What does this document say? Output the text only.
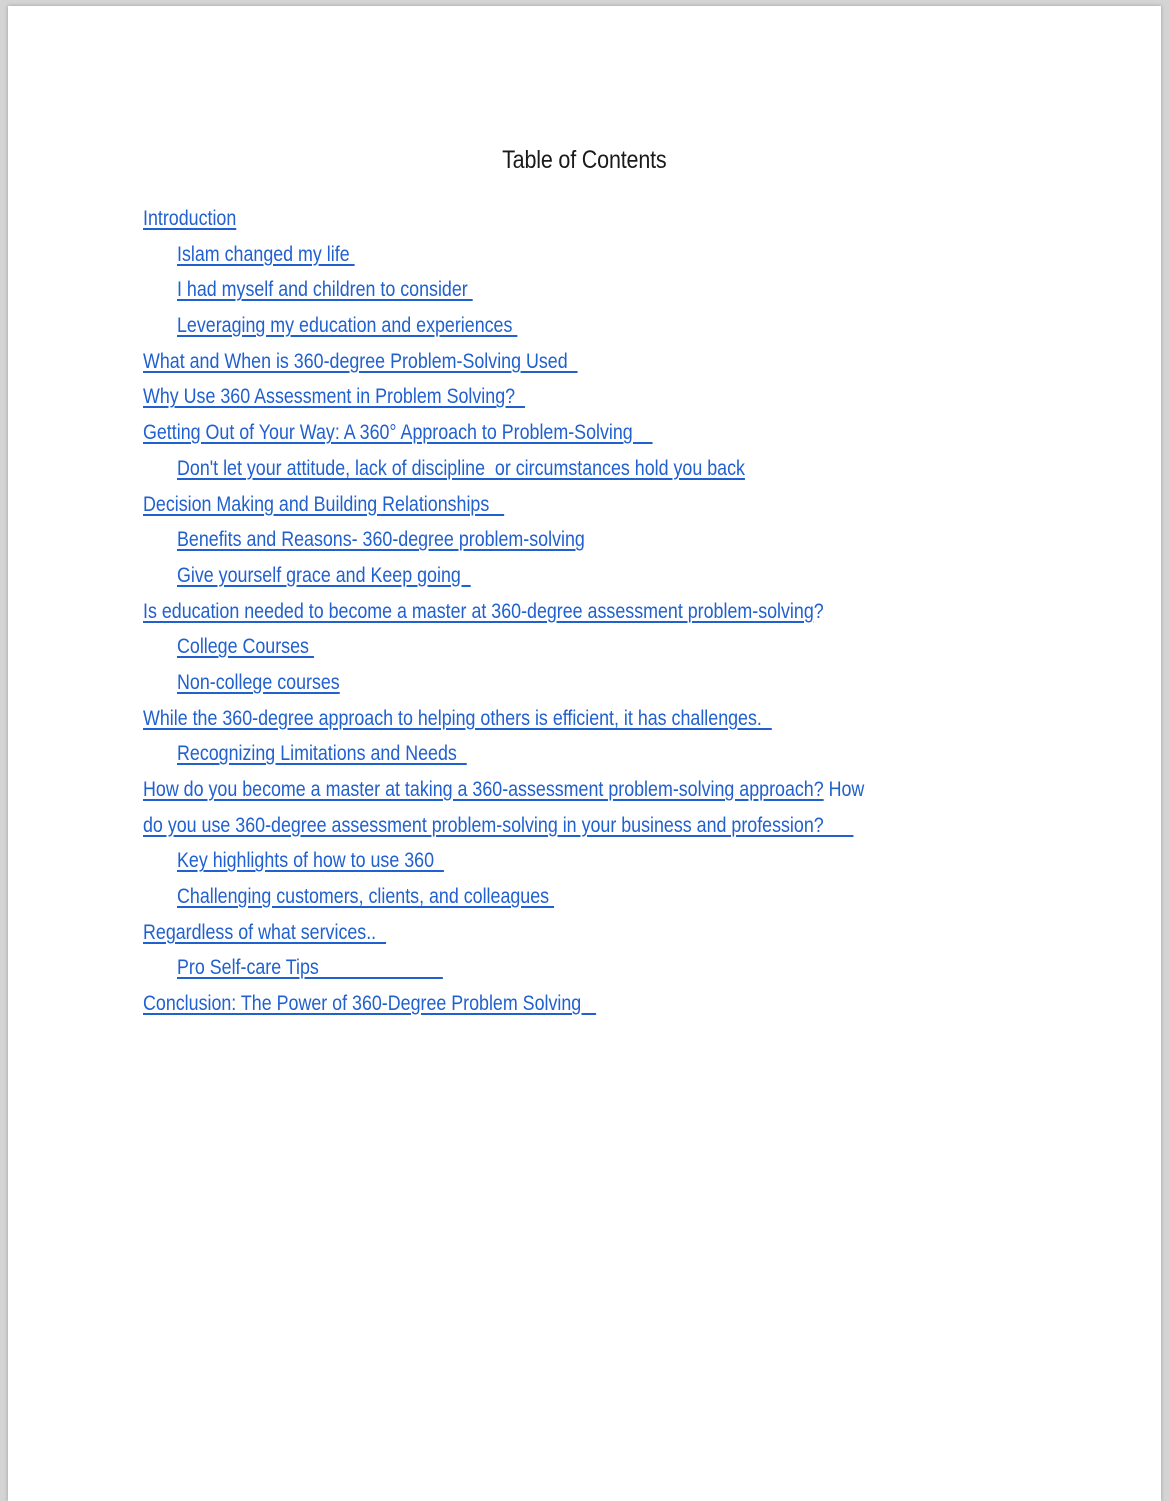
Table of Contents
Introduction
Islam changed my life
I had myself and children to consider
Leveraging my education and experiences
What and When is 360-degree Problem-Solving Used
Why Use 360 Assessment in Problem Solving?
Getting Out of Your Way: A 360° Approach to Problem-Solving
Don't let your attitude, lack of discipline  or circumstances hold you back
Decision Making and Building Relationships
Benefits and Reasons- 360-degree problem-solving
Give yourself grace and Keep going
Is education needed to become a master at 360-degree assessment problem-solving?
College Courses
Non-college courses
While the 360-degree approach to helping others is efficient, it has challenges.
Recognizing Limitations and Needs
How do you become a master at taking a 360-assessment problem-solving approach? How
do you use 360-degree assessment problem-solving in your business and profession?
Key highlights of how to use 360
Challenging customers, clients, and colleagues
Regardless of what services..
Pro Self-care Tips
Conclusion: The Power of 360-Degree Problem Solving
